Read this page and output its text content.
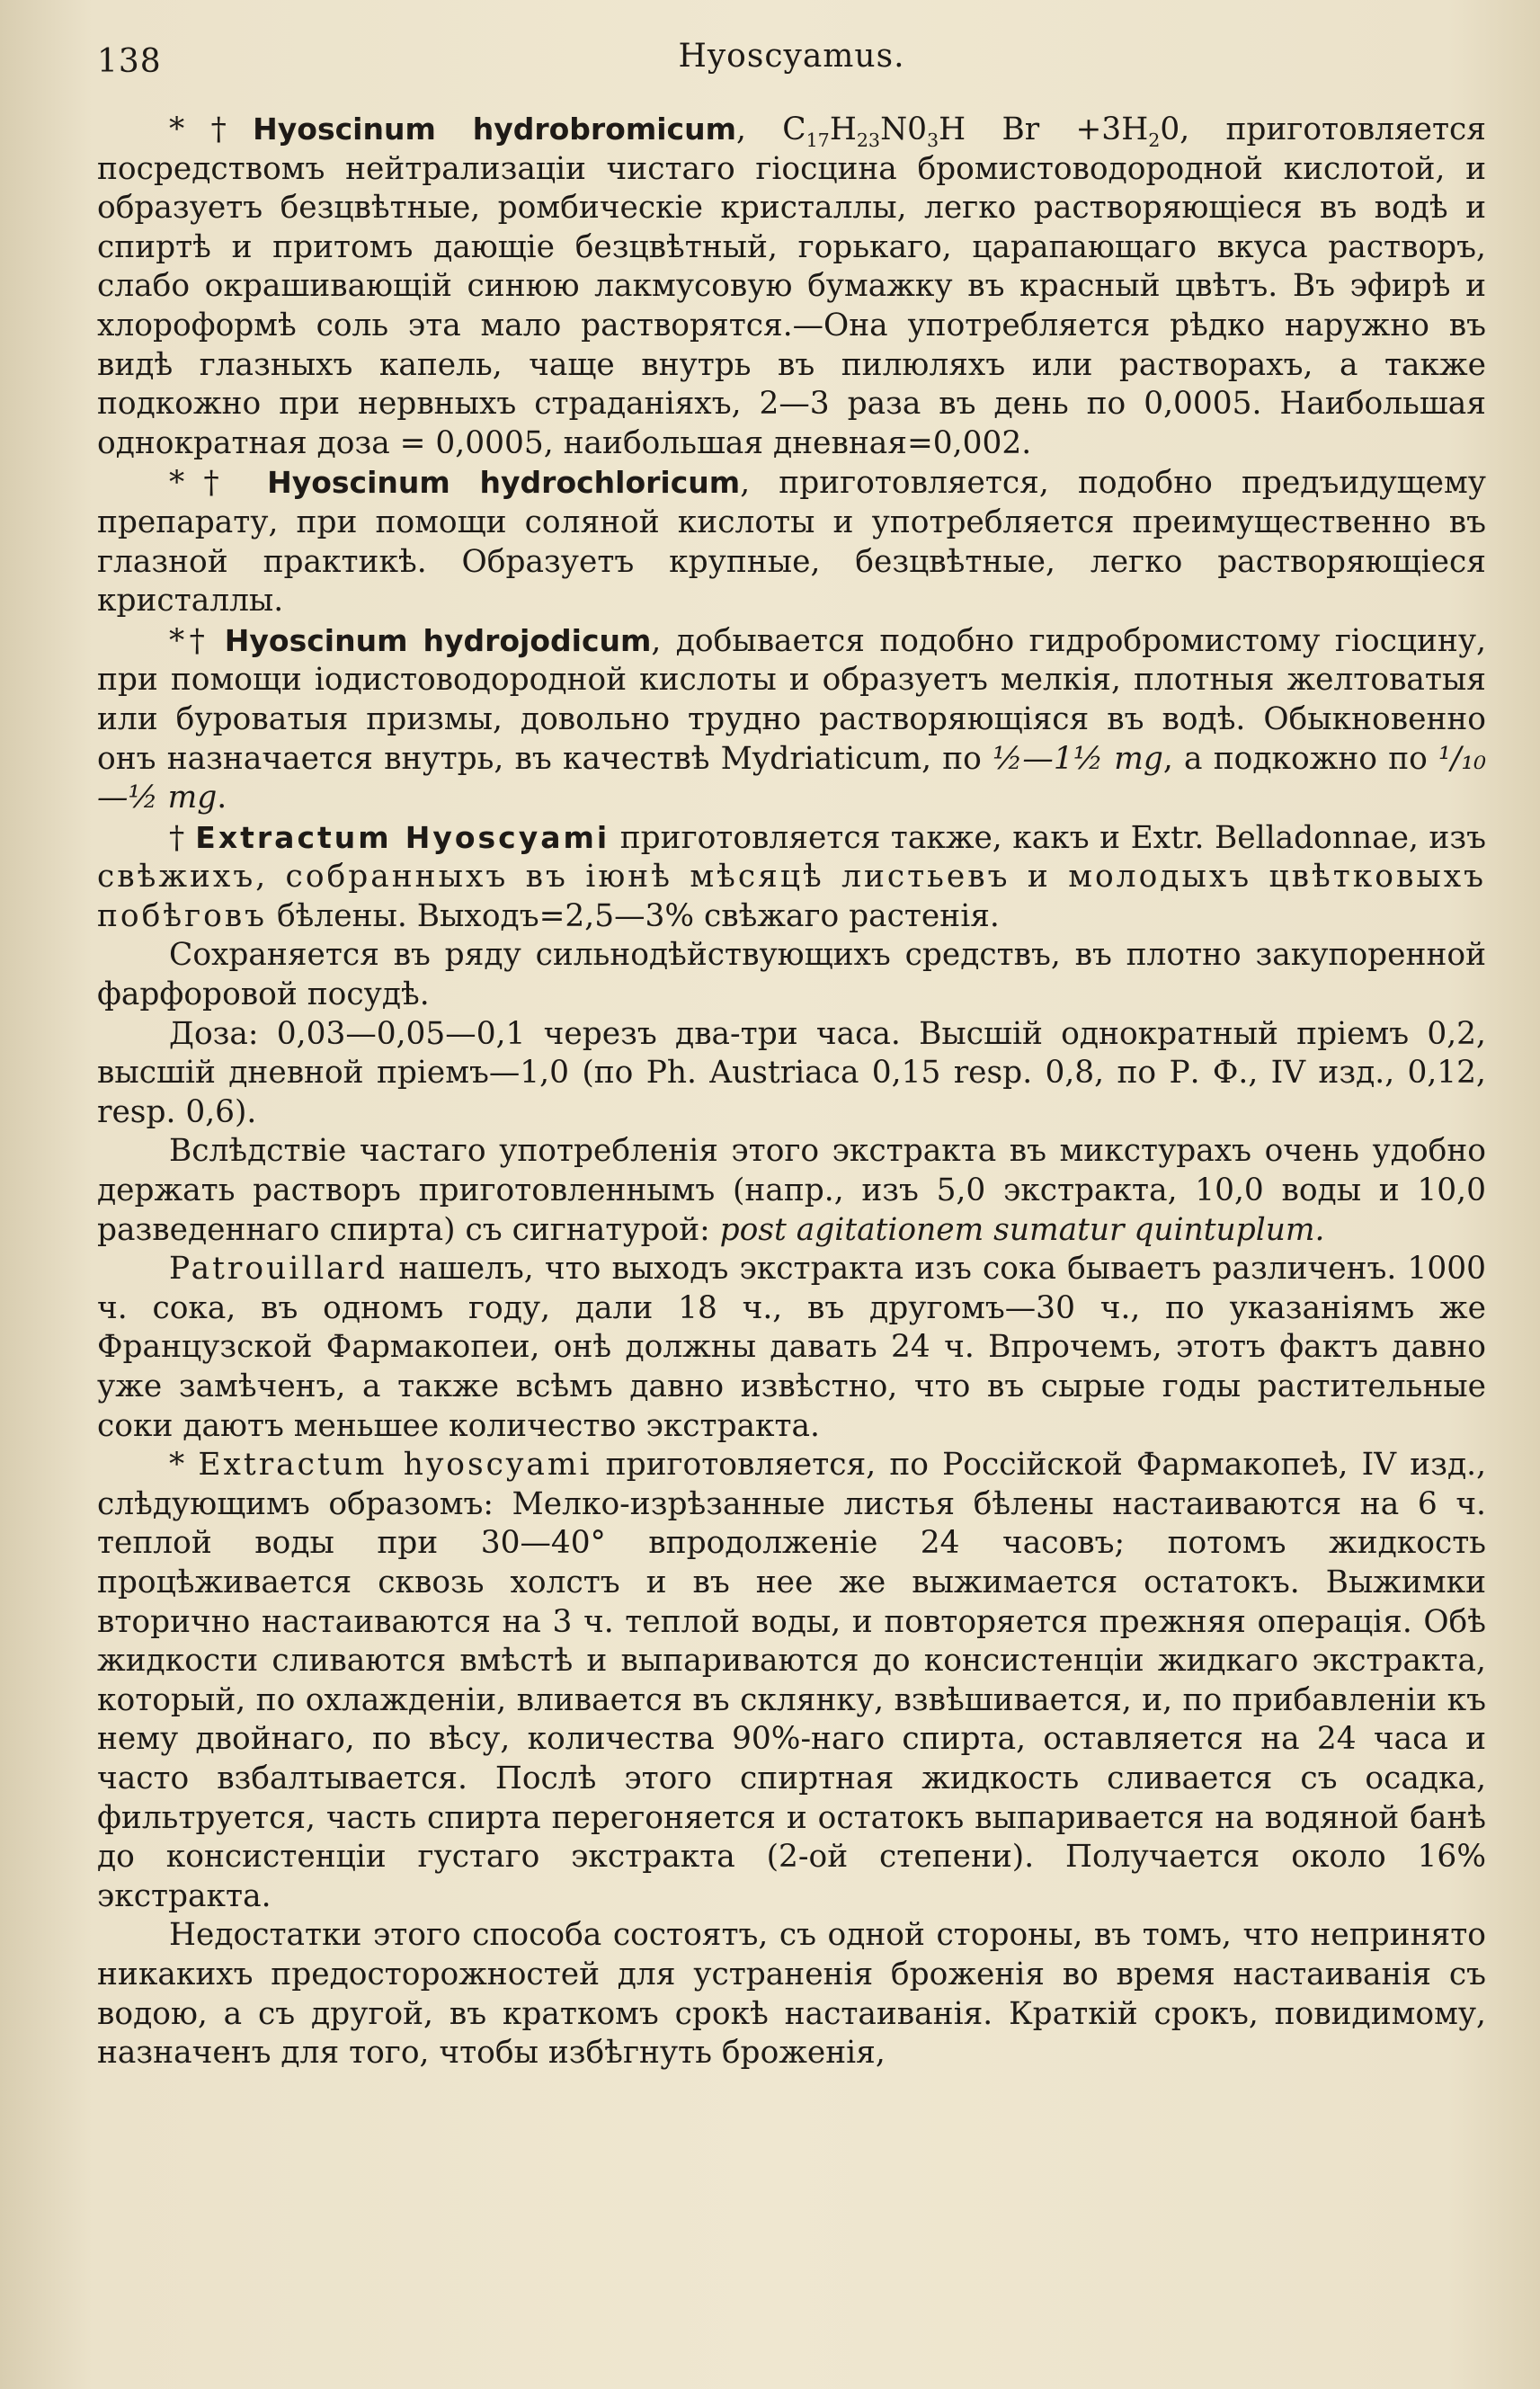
138	Hyoscyamus.

*†Hyoscinum hydrobromicum, $C_{17}H_{23}N0_3H$ $Br +3H_20$, приготовляется посредствомъ нейтрализаціи чистаго гіосцина бромистоводородной кислотой, и образуетъ безцвѣтные, ромбическіе кристаллы, легко растворяющіеся въ водѣ и спиртѣ и притомъ дающіе безцвѣтный, горькаго, царапающаго вкуса растворъ, слабо окрашивающій синюю лакмусовую бумажку въ красный цвѣтъ. Въ эфирѣ и хлороформѣ соль эта мало растворятся.—Она употребляется рѣдко наружно въ видѣ глазныхъ капель, чаще внутрь въ пилюляхъ или растворахъ, а также подкожно при нервныхъ страданіяхъ, 2—3 раза въ день по 0,0005. Наибольшая однократная доза = 0,0005, наибольшая дневная=0,002.

*† Hyoscinum hydrochloricum, приготовляется, подобно предъидущему препарату, при помощи соляной кислоты и употребляется преимущественно въ глазной практикѣ. Образуетъ крупные, безцвѣтные, легко растворяющіеся кристаллы.

*† Hyoscinum hydrojodicum, добывается подобно гидробромистому гіосцину, при помощи іодистоводородной кислоты и образуетъ мелкія, плотныя желтоватыя или буроватыя призмы, довольно трудно растворяющіяся въ водѣ. Обыкновенно онъ назначается внутрь, въ качествѣ Mydriaticum, по ½—1½ mg, а подкожно по ¹/₁₀—½ mg.

† Extractum Hyoscyami приготовляется также, какъ и Extr. Belladonnae, изъ свѣжихъ, собранныхъ въ іюнѣ мѣсяцѣ листьевъ и молодыхъ цвѣтковыхъ побѣговъ бѣлены. Выходъ=2,5—3% свѣжаго растенія.

Сохраняется въ ряду сильнодѣйствующихъ средствъ, въ плотно закупоренной фарфоровой посудѣ.

Доза: 0,03—0,05—0,1 черезъ два-три часа. Высшій однократный пріемъ 0,2, высшій дневной пріемъ—1,0 (по Ph. Austriaca 0,15 resp. 0,8, по Р. Ф., IV изд., 0,12, resp. 0,6).

Вслѣдствіе частаго употребленія этого экстракта въ микстурахъ очень удобно держать растворъ приготовленнымъ (напр., изъ 5,0 экстракта, 10,0 воды и 10,0 разведеннаго спирта) съ сигнатурой: post agitationem sumatur quintuplum.

Patrouillard нашелъ, что выходъ экстракта изъ сока бываетъ различенъ. 1000 ч. сока, въ одномъ году, дали 18 ч., въ другомъ—30 ч., по указаніямъ же Французской Фармакопеи, онѣ должны давать 24 ч. Впрочемъ, этотъ фактъ давно уже замѣченъ, а также всѣмъ давно извѣстно, что въ сырые годы растительные соки даютъ меньшее количество экстракта.

* Extractum hyoscyami приготовляется, по Россійской Фармакопеѣ, IV изд., слѣдующимъ образомъ: Мелко-изрѣзанные листья бѣлены настаиваются на 6 ч. теплой воды при 30—40° впродолженіе 24 часовъ; потомъ жидкость процѣживается сквозь холстъ и въ нее же выжимается остатокъ. Выжимки вторично настаиваются на 3 ч. теплой воды, и повторяется прежняя операція. Обѣ жидкости сливаются вмѣстѣ и выпариваются до консистенціи жидкаго экстракта, который, по охлажденіи, вливается въ склянку, взвѣшивается, и, по прибавленіи къ нему двойнаго, по вѣсу, количества 90%-наго спирта, оставляется на 24 часа и часто взбалтывается. Послѣ этого спиртная жидкость сливается съ осадка, фильтруется, часть спирта перегоняется и остатокъ выпаривается на водяной банѣ до консистенціи густаго экстракта (2-ой степени). Получается около 16% экстракта.

Недостатки этого способа состоятъ, съ одной стороны, въ томъ, что непринято никакихъ предосторожностей для устраненія броженія во время настаиванія съ водою, а съ другой, въ краткомъ срокѣ настаиванія. Краткій срокъ, повидимому, назначенъ для того, чтобы избѣгнуть броженія,
